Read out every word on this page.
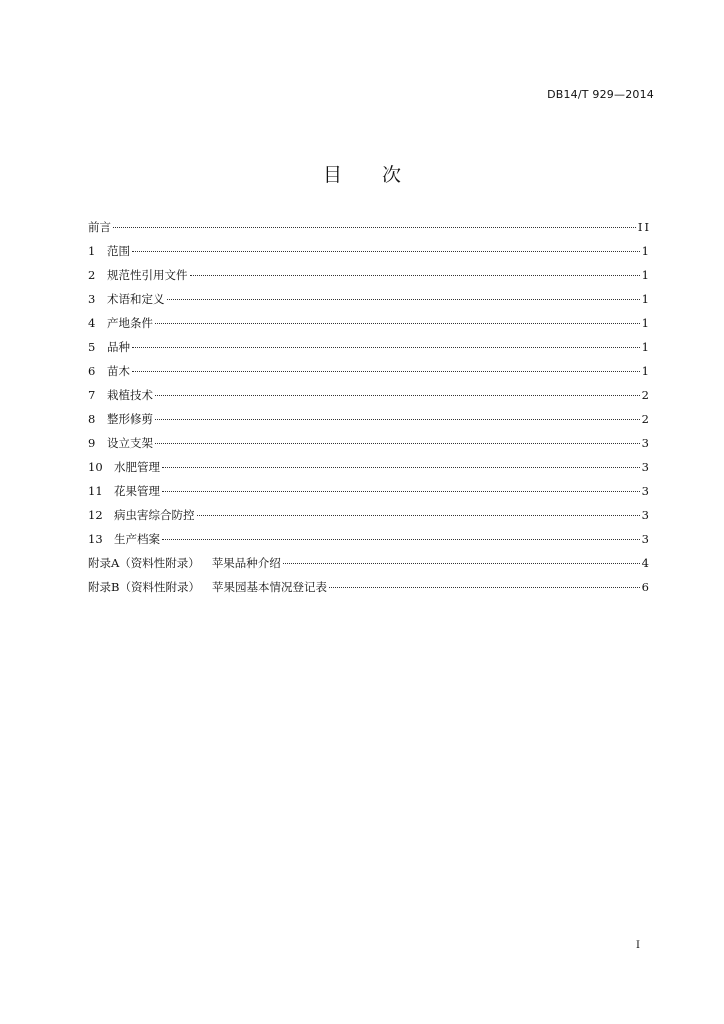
DB14/T 929—2014
目 次
前言	II
1 范围	1
2 规范性引用文件	1
3 术语和定义	1
4 产地条件	1
5 品种	1
6 苗木	1
7 栽植技术	2
8 整形修剪	2
9 设立支架	3
10 水肥管理	3
11 花果管理	3
12 病虫害综合防控	3
13 生产档案	3
附录A（资料性附录） 苹果品种介绍	4
附录B（资料性附录） 苹果园基本情况登记表	6
I
